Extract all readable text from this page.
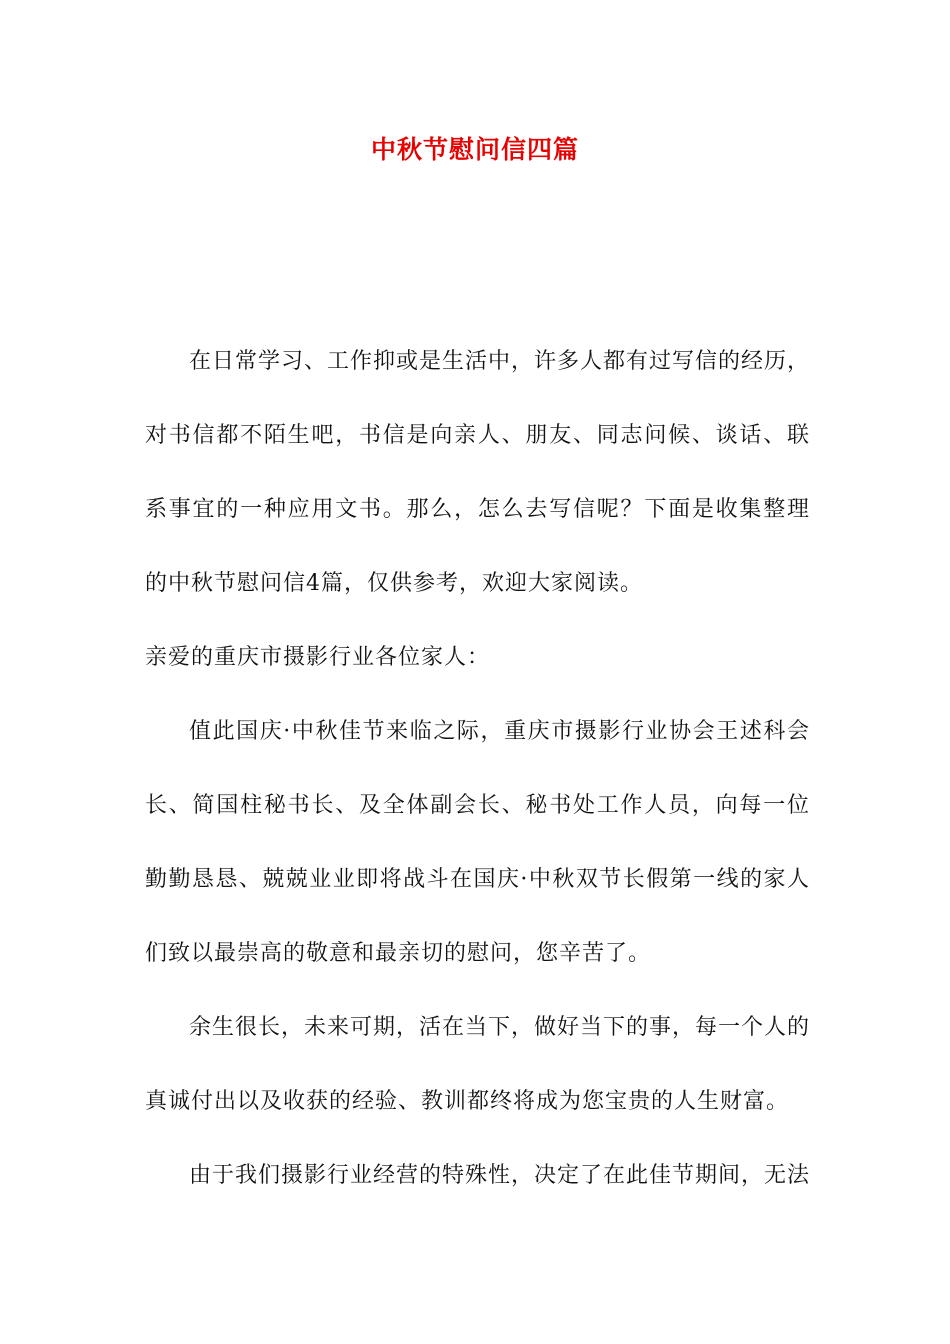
中秋节慰问信四篇

在日常学习、工作抑或是生活中，许多人都有过写信的经历，对书信都不陌生吧，书信是向亲人、朋友、同志问候、谈话、联系事宜的一种应用文书。那么，怎么去写信呢？下面是收集整理的中秋节慰问信4篇，仅供参考，欢迎大家阅读。

亲爱的重庆市摄影行业各位家人：

值此国庆·中秋佳节来临之际，重庆市摄影行业协会王述科会长、简国柱秘书长、及全体副会长、秘书处工作人员，向每一位勤勤恳恳、兢兢业业即将战斗在国庆·中秋双节长假第一线的家人们致以最崇高的敬意和最亲切的慰问，您辛苦了。

余生很长，未来可期，活在当下，做好当下的事，每一个人的真诚付出以及收获的经验、教训都终将成为您宝贵的人生财富。

由于我们摄影行业经营的特殊性，决定了在此佳节期间，无法
